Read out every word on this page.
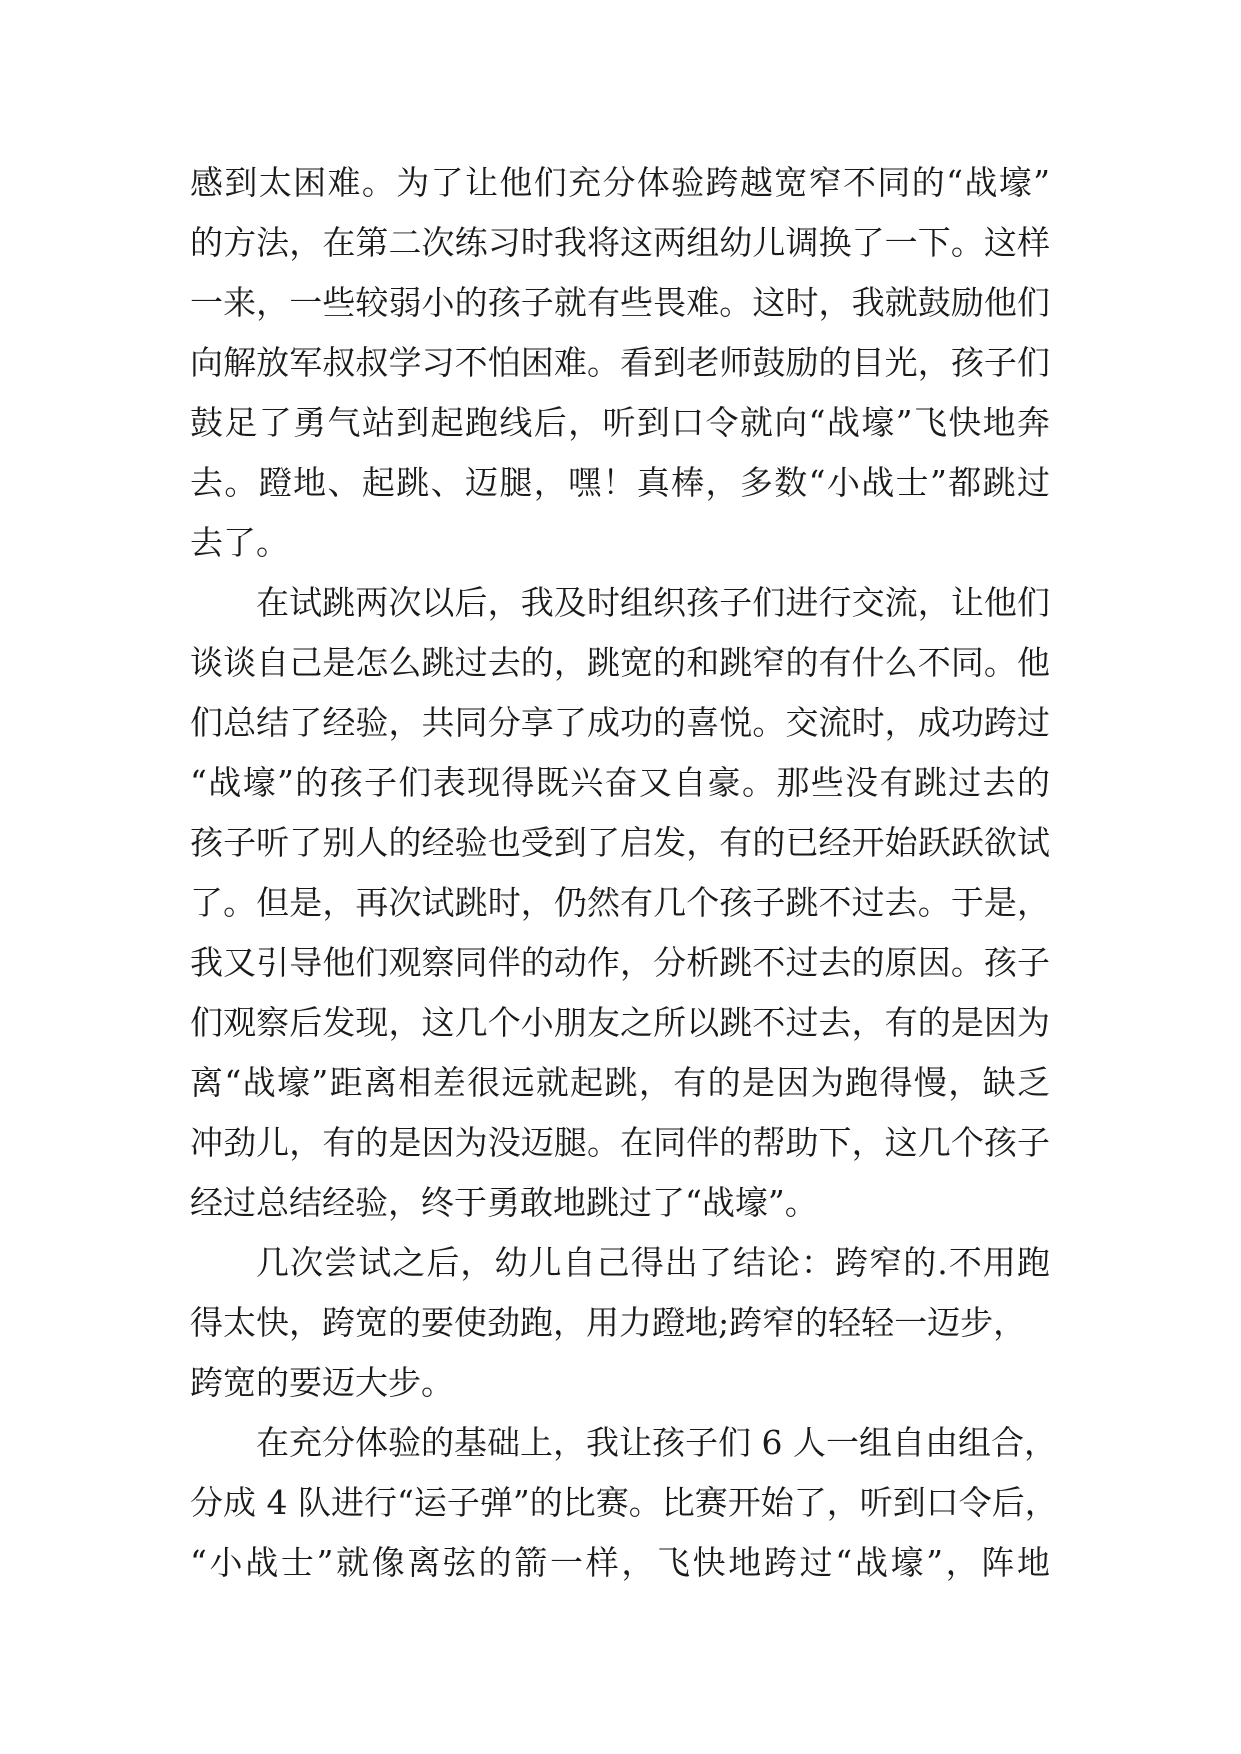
感到太困难。为了让他们充分体验跨越宽窄不同的“战壕”
的方法，在第二次练习时我将这两组幼儿调换了一下。这样
一来，一些较弱小的孩子就有些畏难。这时，我就鼓励他们
向解放军叔叔学习不怕困难。看到老师鼓励的目光，孩子们
鼓足了勇气站到起跑线后，听到口令就向“战壕”飞快地奔
去。蹬地、起跳、迈腿，嘿！真棒，多数“小战士”都跳过
去了。
在试跳两次以后，我及时组织孩子们进行交流，让他们
谈谈自己是怎么跳过去的，跳宽的和跳窄的有什么不同。他
们总结了经验，共同分享了成功的喜悦。交流时，成功跨过
“战壕”的孩子们表现得既兴奋又自豪。那些没有跳过去的
孩子听了别人的经验也受到了启发，有的已经开始跃跃欲试
了。但是，再次试跳时，仍然有几个孩子跳不过去。于是，
我又引导他们观察同伴的动作，分析跳不过去的原因。孩子
们观察后发现，这几个小朋友之所以跳不过去，有的是因为
离“战壕”距离相差很远就起跳，有的是因为跑得慢，缺乏
冲劲儿，有的是因为没迈腿。在同伴的帮助下，这几个孩子
经过总结经验，终于勇敢地跳过了“战壕”。
几次尝试之后，幼儿自己得出了结论：跨窄的.不用跑
得太快，跨宽的要使劲跑，用力蹬地;跨窄的轻轻一迈步，
跨宽的要迈大步。
在充分体验的基础上，我让孩子们 6 人一组自由组合，
分成 4 队进行“运子弹”的比赛。比赛开始了，听到口令后，
“小战士”就像离弦的箭一样，飞快地跨过“战壕”，阵地
